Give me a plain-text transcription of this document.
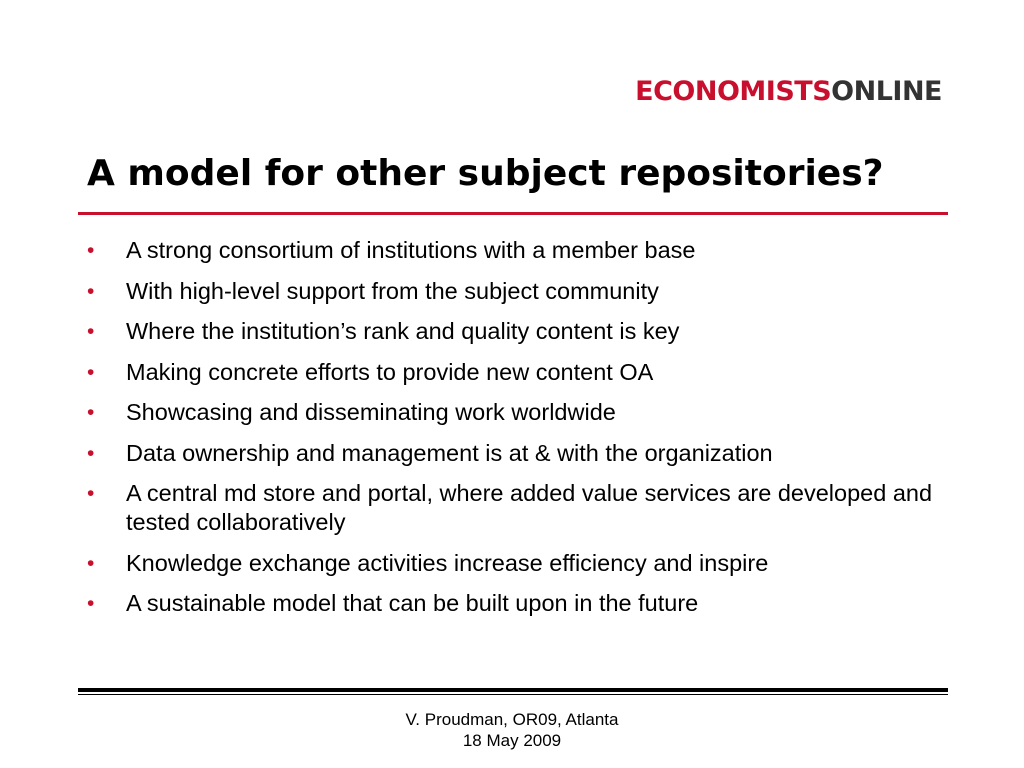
ECONOMISTSONLINE
A model for other subject repositories?
• A strong consortium of institutions with a member base
• With high-level support from the subject community
• Where the institution’s rank and quality content is key
• Making concrete efforts to provide new content OA
• Showcasing and disseminating work worldwide
• Data ownership and management is at & with the organization
• A central md store and portal, where added value services are developed and tested collaboratively
• Knowledge exchange activities increase efficiency and inspire
• A sustainable model that can be built upon in the future
V. Proudman, OR09, Atlanta
18 May 2009
